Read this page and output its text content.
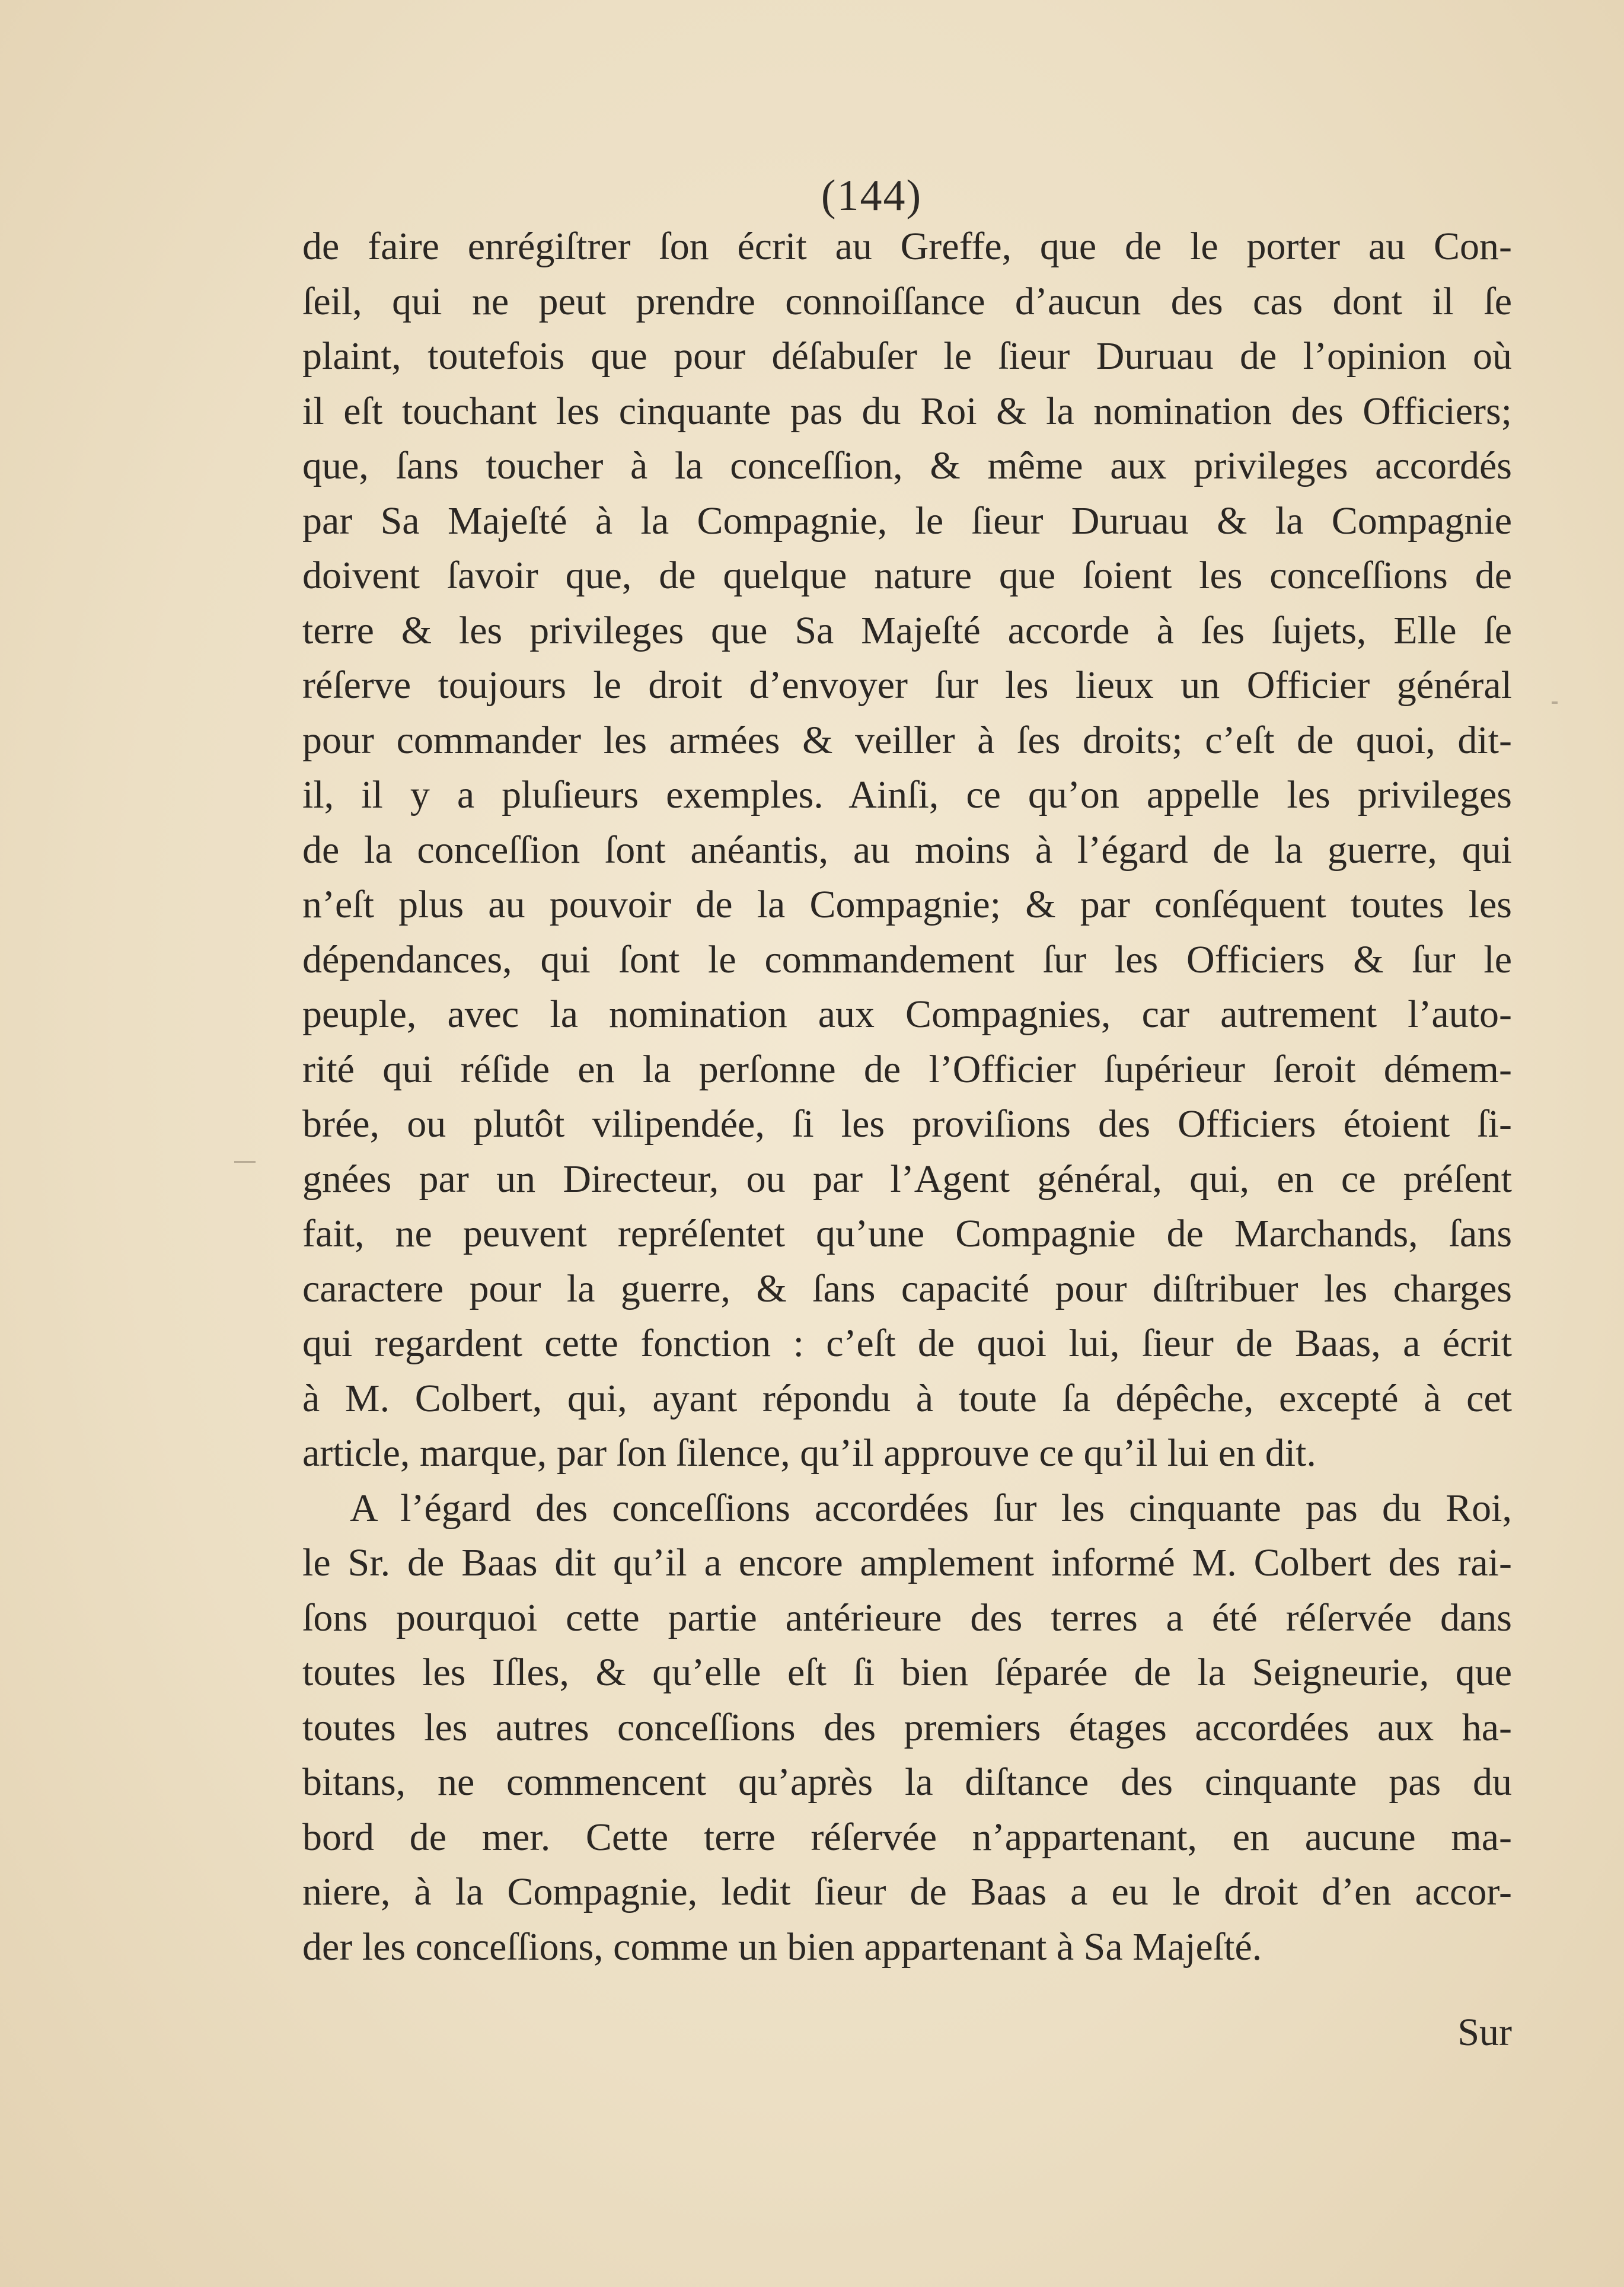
(144)
de faire enrégiſtrer ſon écrit au Greffe, que de le porter au Con-
ſeil, qui ne peut prendre connoiſſance d’aucun des cas dont il ſe
plaint, toutefois que pour déſabuſer le ſieur Duruau de l’opinion où
il eſt touchant les cinquante pas du Roi & la nomination des Officiers;
que, ſans toucher à la conceſſion, & même aux privileges accordés
par Sa Majeſté à la Compagnie, le ſieur Duruau & la Compagnie
doivent ſavoir que, de quelque nature que ſoient les conceſſions de
terre & les privileges que Sa Majeſté accorde à ſes ſujets, Elle ſe
réſerve toujours le droit d’envoyer ſur les lieux un Officier général
pour commander les armées & veiller à ſes droits; c’eſt de quoi, dit-
il, il y a pluſieurs exemples. Ainſi, ce qu’on appelle les privileges
de la conceſſion ſont anéantis, au moins à l’égard de la guerre, qui
n’eſt plus au pouvoir de la Compagnie; & par conſéquent toutes les
dépendances, qui ſont le commandement ſur les Officiers & ſur le
peuple, avec la nomination aux Compagnies, car autrement l’auto-
rité qui réſide en la perſonne de l’Officier ſupérieur ſeroit démem-
brée, ou plutôt vilipendée, ſi les proviſions des Officiers étoient ſi-
gnées par un Directeur, ou par l’Agent général, qui, en ce préſent
fait, ne peuvent repréſentet qu’une Compagnie de Marchands, ſans
caractere pour la guerre, & ſans capacité pour diſtribuer les charges
qui regardent cette fonction : c’eſt de quoi lui, ſieur de Baas, a écrit
à M. Colbert, qui, ayant répondu à toute ſa dépêche, excepté à cet
article, marque, par ſon ſilence, qu’il approuve ce qu’il lui en dit.
A l’égard des conceſſions accordées ſur les cinquante pas du Roi,
le Sr. de Baas dit qu’il a encore amplement informé M. Colbert des rai-
ſons pourquoi cette partie antérieure des terres a été réſervée dans
toutes les Iſles, & qu’elle eſt ſi bien ſéparée de la Seigneurie, que
toutes les autres conceſſions des premiers étages accordées aux ha-
bitans, ne commencent qu’après la diſtance des cinquante pas du
bord de mer. Cette terre réſervée n’appartenant, en aucune ma-
niere, à la Compagnie, ledit ſieur de Baas a eu le droit d’en accor-
der les conceſſions, comme un bien appartenant à Sa Majeſté.
Sur
